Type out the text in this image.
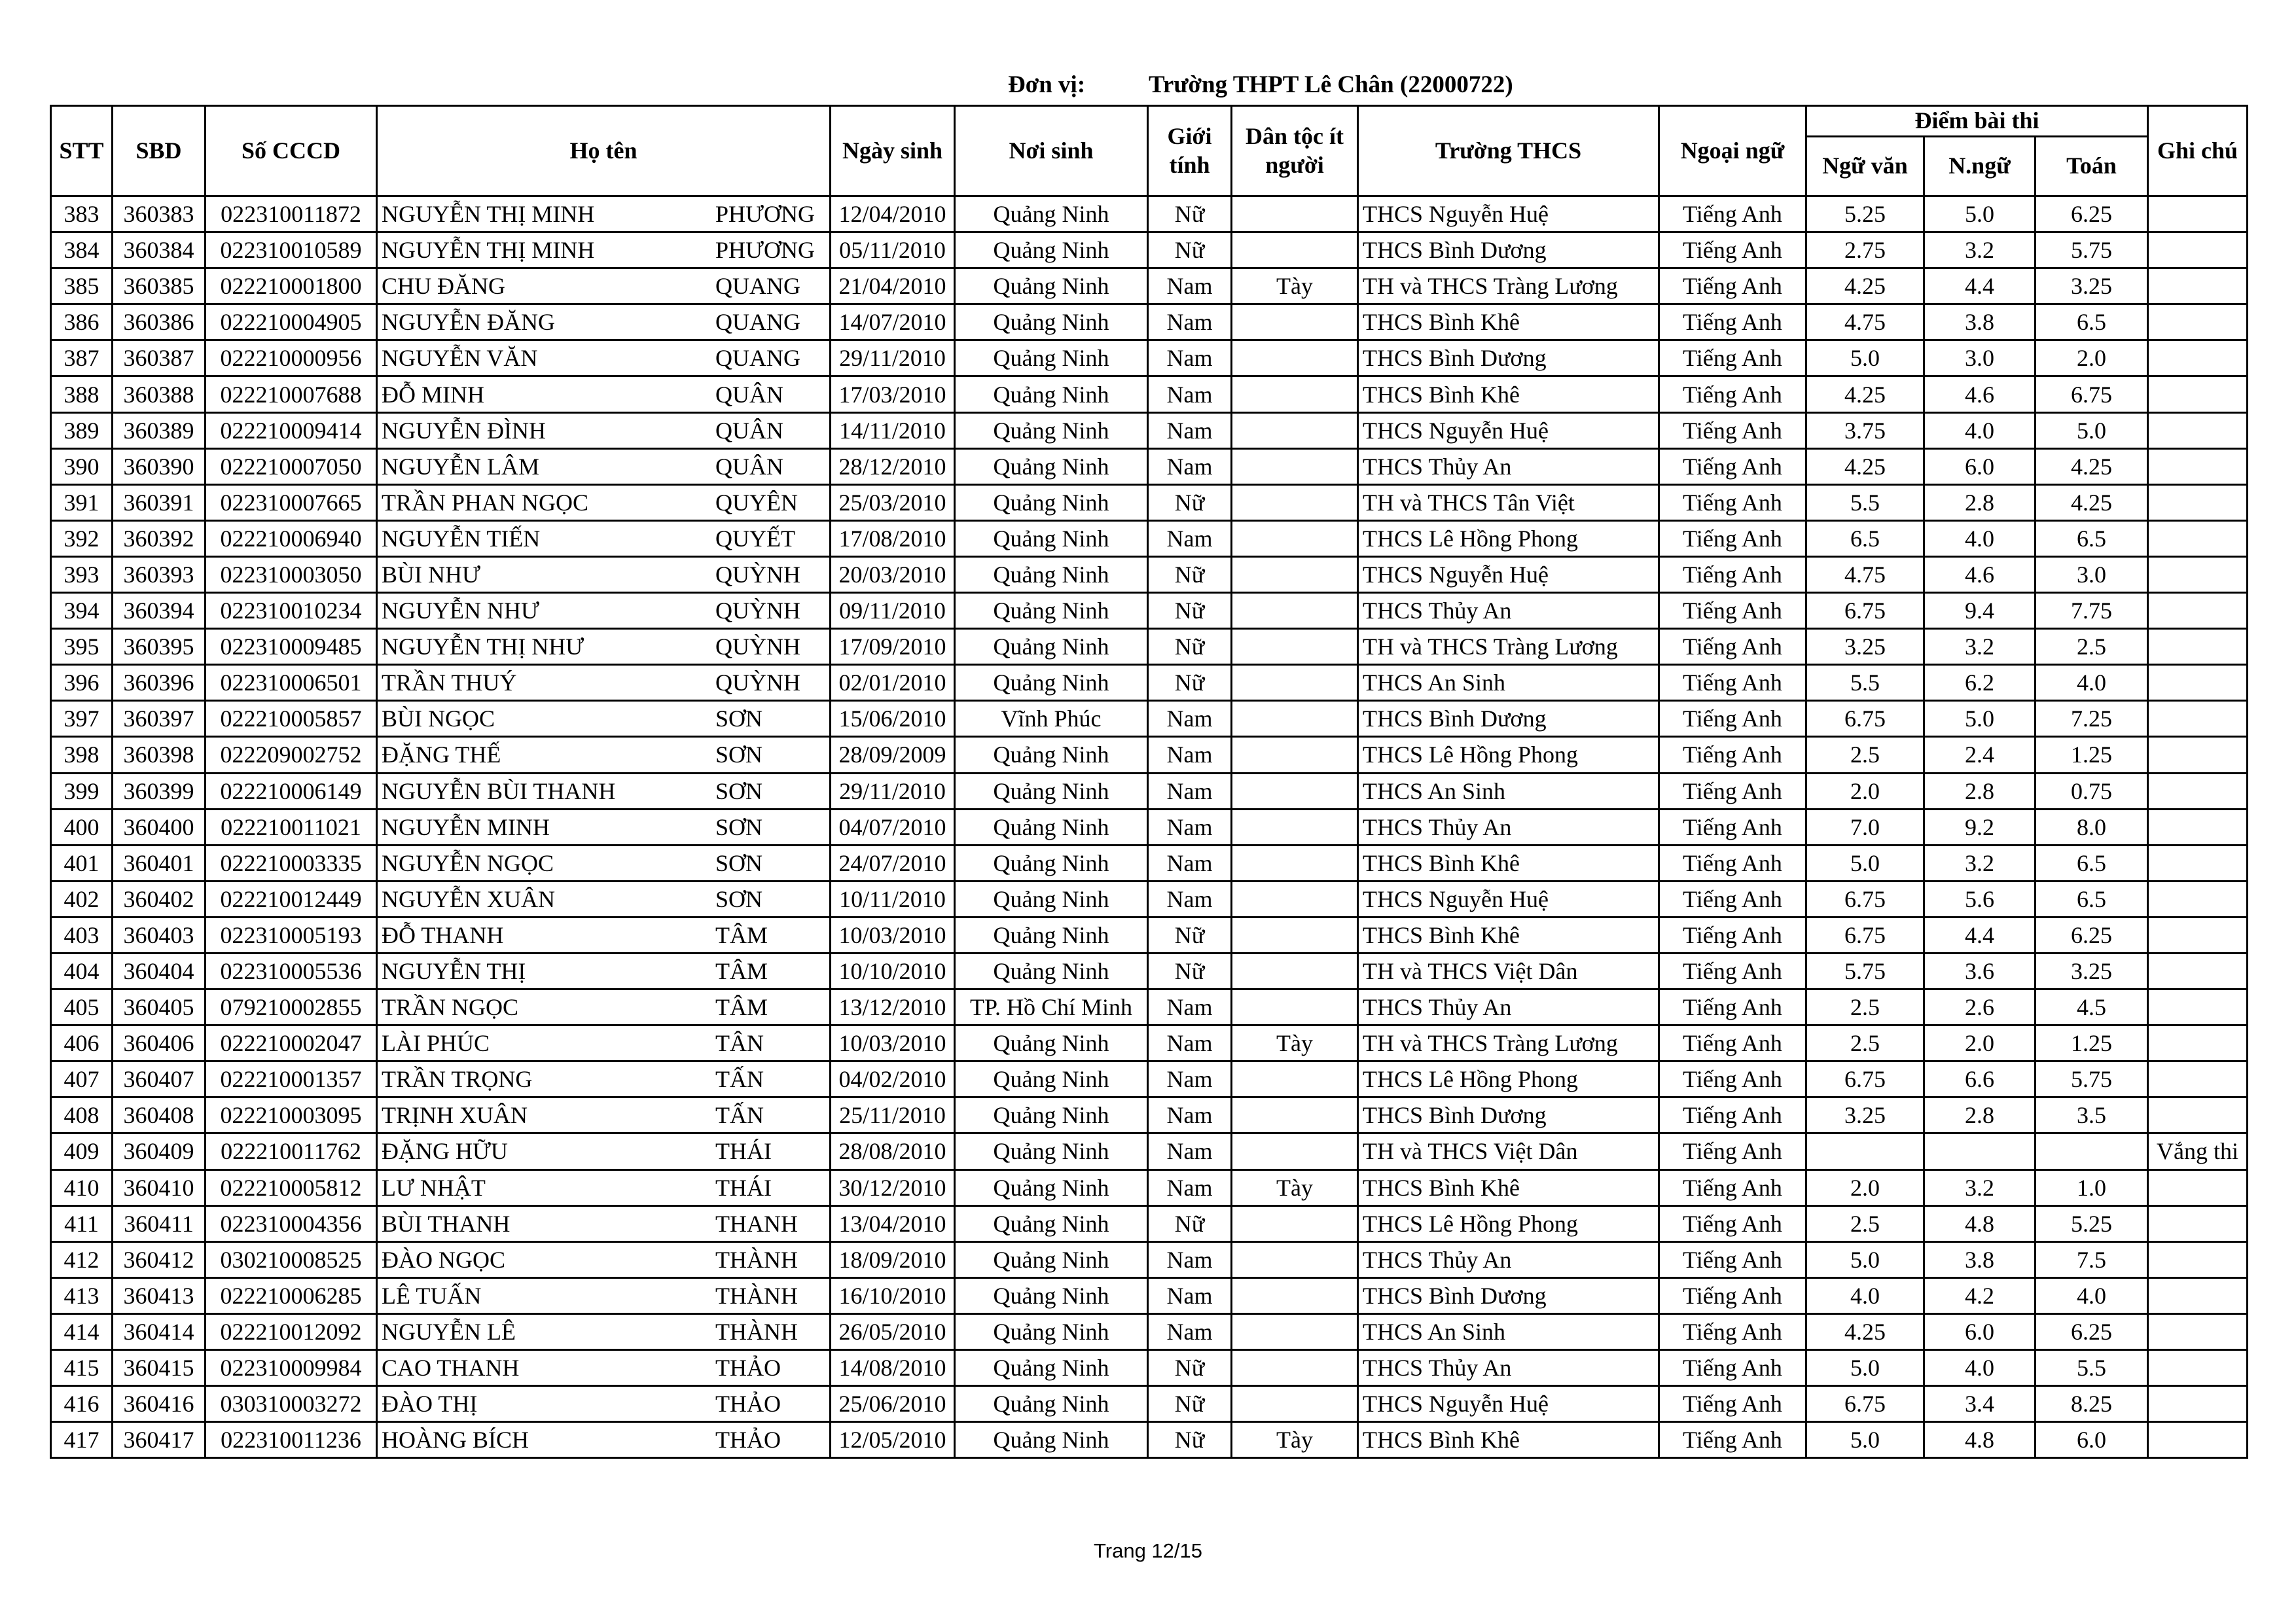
Đơn vị:	Trường THPT Lê Chân (22000722)
STT	SBD	Số CCCD	Họ tên	Ngày sinh	Nơi sinh	Giới tính	Dân tộc ít người	Trường THCS	Ngoại ngữ	Điểm bài thi			Ghi chú
										Ngữ văn	N.ngữ	Toán	
383	360383	022310011872	NGUYỄN THỊ MINH PHƯƠNG	12/04/2010	Quảng Ninh	Nữ		THCS Nguyễn Huệ	Tiếng Anh	5.25	5.0	6.25	
384	360384	022310010589	NGUYỄN THỊ MINH PHƯƠNG	05/11/2010	Quảng Ninh	Nữ		THCS Bình Dương	Tiếng Anh	2.75	3.2	5.75	
385	360385	022210001800	CHU ĐĂNG QUANG	21/04/2010	Quảng Ninh	Nam	Tày	TH và THCS Tràng Lương	Tiếng Anh	4.25	4.4	3.25	
386	360386	022210004905	NGUYỄN ĐĂNG QUANG	14/07/2010	Quảng Ninh	Nam		THCS Bình Khê	Tiếng Anh	4.75	3.8	6.5	
387	360387	022210000956	NGUYỄN VĂN QUANG	29/11/2010	Quảng Ninh	Nam		THCS Bình Dương	Tiếng Anh	5.0	3.0	2.0	
388	360388	022210007688	ĐỖ MINH QUÂN	17/03/2010	Quảng Ninh	Nam		THCS Bình Khê	Tiếng Anh	4.25	4.6	6.75	
389	360389	022210009414	NGUYỄN ĐÌNH QUÂN	14/11/2010	Quảng Ninh	Nam		THCS Nguyễn Huệ	Tiếng Anh	3.75	4.0	5.0	
390	360390	022210007050	NGUYỄN LÂM QUÂN	28/12/2010	Quảng Ninh	Nam		THCS Thủy An	Tiếng Anh	4.25	6.0	4.25	
391	360391	022310007665	TRẦN PHAN NGỌC QUYÊN	25/03/2010	Quảng Ninh	Nữ		TH và THCS Tân Việt	Tiếng Anh	5.5	2.8	4.25	
392	360392	022210006940	NGUYỄN TIẾN QUYẾT	17/08/2010	Quảng Ninh	Nam		THCS Lê Hồng Phong	Tiếng Anh	6.5	4.0	6.5	
393	360393	022310003050	BÙI NHƯ QUỲNH	20/03/2010	Quảng Ninh	Nữ		THCS Nguyễn Huệ	Tiếng Anh	4.75	4.6	3.0	
394	360394	022310010234	NGUYỄN NHƯ QUỲNH	09/11/2010	Quảng Ninh	Nữ		THCS Thủy An	Tiếng Anh	6.75	9.4	7.75	
395	360395	022310009485	NGUYỄN THỊ NHƯ QUỲNH	17/09/2010	Quảng Ninh	Nữ		TH và THCS Tràng Lương	Tiếng Anh	3.25	3.2	2.5	
396	360396	022310006501	TRẦN THUÝ QUỲNH	02/01/2010	Quảng Ninh	Nữ		THCS An Sinh	Tiếng Anh	5.5	6.2	4.0	
397	360397	022210005857	BÙI NGỌC SƠN	15/06/2010	Vĩnh Phúc	Nam		THCS Bình Dương	Tiếng Anh	6.75	5.0	7.25	
398	360398	022209002752	ĐẶNG THẾ SƠN	28/09/2009	Quảng Ninh	Nam		THCS Lê Hồng Phong	Tiếng Anh	2.5	2.4	1.25	
399	360399	022210006149	NGUYỄN BÙI THANH SƠN	29/11/2010	Quảng Ninh	Nam		THCS An Sinh	Tiếng Anh	2.0	2.8	0.75	
400	360400	022210011021	NGUYỄN MINH SƠN	04/07/2010	Quảng Ninh	Nam		THCS Thủy An	Tiếng Anh	7.0	9.2	8.0	
401	360401	022210003335	NGUYỄN NGỌC SƠN	24/07/2010	Quảng Ninh	Nam		THCS Bình Khê	Tiếng Anh	5.0	3.2	6.5	
402	360402	022210012449	NGUYỄN XUÂN SƠN	10/11/2010	Quảng Ninh	Nam		THCS Nguyễn Huệ	Tiếng Anh	6.75	5.6	6.5	
403	360403	022310005193	ĐỖ THANH TÂM	10/03/2010	Quảng Ninh	Nữ		THCS Bình Khê	Tiếng Anh	6.75	4.4	6.25	
404	360404	022310005536	NGUYỄN THỊ TÂM	10/10/2010	Quảng Ninh	Nữ		TH và THCS Việt Dân	Tiếng Anh	5.75	3.6	3.25	
405	360405	079210002855	TRẦN NGỌC TÂM	13/12/2010	TP. Hồ Chí Minh	Nam		THCS Thủy An	Tiếng Anh	2.5	2.6	4.5	
406	360406	022210002047	LÀI PHÚC TÂN	10/03/2010	Quảng Ninh	Nam	Tày	TH và THCS Tràng Lương	Tiếng Anh	2.5	2.0	1.25	
407	360407	022210001357	TRẦN TRỌNG TẤN	04/02/2010	Quảng Ninh	Nam		THCS Lê Hồng Phong	Tiếng Anh	6.75	6.6	5.75	
408	360408	022210003095	TRỊNH XUÂN TẤN	25/11/2010	Quảng Ninh	Nam		THCS Bình Dương	Tiếng Anh	3.25	2.8	3.5	
409	360409	022210011762	ĐẶNG HỮU THÁI	28/08/2010	Quảng Ninh	Nam		TH và THCS Việt Dân	Tiếng Anh				Vắng thi
410	360410	022210005812	LƯ NHẬT THÁI	30/12/2010	Quảng Ninh	Nam	Tày	THCS Bình Khê	Tiếng Anh	2.0	3.2	1.0	
411	360411	022310004356	BÙI THANH THANH	13/04/2010	Quảng Ninh	Nữ		THCS Lê Hồng Phong	Tiếng Anh	2.5	4.8	5.25	
412	360412	030210008525	ĐÀO NGỌC THÀNH	18/09/2010	Quảng Ninh	Nam		THCS Thủy An	Tiếng Anh	5.0	3.8	7.5	
413	360413	022210006285	LÊ TUẤN THÀNH	16/10/2010	Quảng Ninh	Nam		THCS Bình Dương	Tiếng Anh	4.0	4.2	4.0	
414	360414	022210012092	NGUYỄN LÊ THÀNH	26/05/2010	Quảng Ninh	Nam		THCS An Sinh	Tiếng Anh	4.25	6.0	6.25	
415	360415	022310009984	CAO THANH THẢO	14/08/2010	Quảng Ninh	Nữ		THCS Thủy An	Tiếng Anh	5.0	4.0	5.5	
416	360416	030310003272	ĐÀO THỊ THẢO	25/06/2010	Quảng Ninh	Nữ		THCS Nguyễn Huệ	Tiếng Anh	6.75	3.4	8.25	
417	360417	022310011236	HOÀNG BÍCH THẢO	12/05/2010	Quảng Ninh	Nữ	Tày	THCS Bình Khê	Tiếng Anh	5.0	4.8	6.0	
Trang 12/15
